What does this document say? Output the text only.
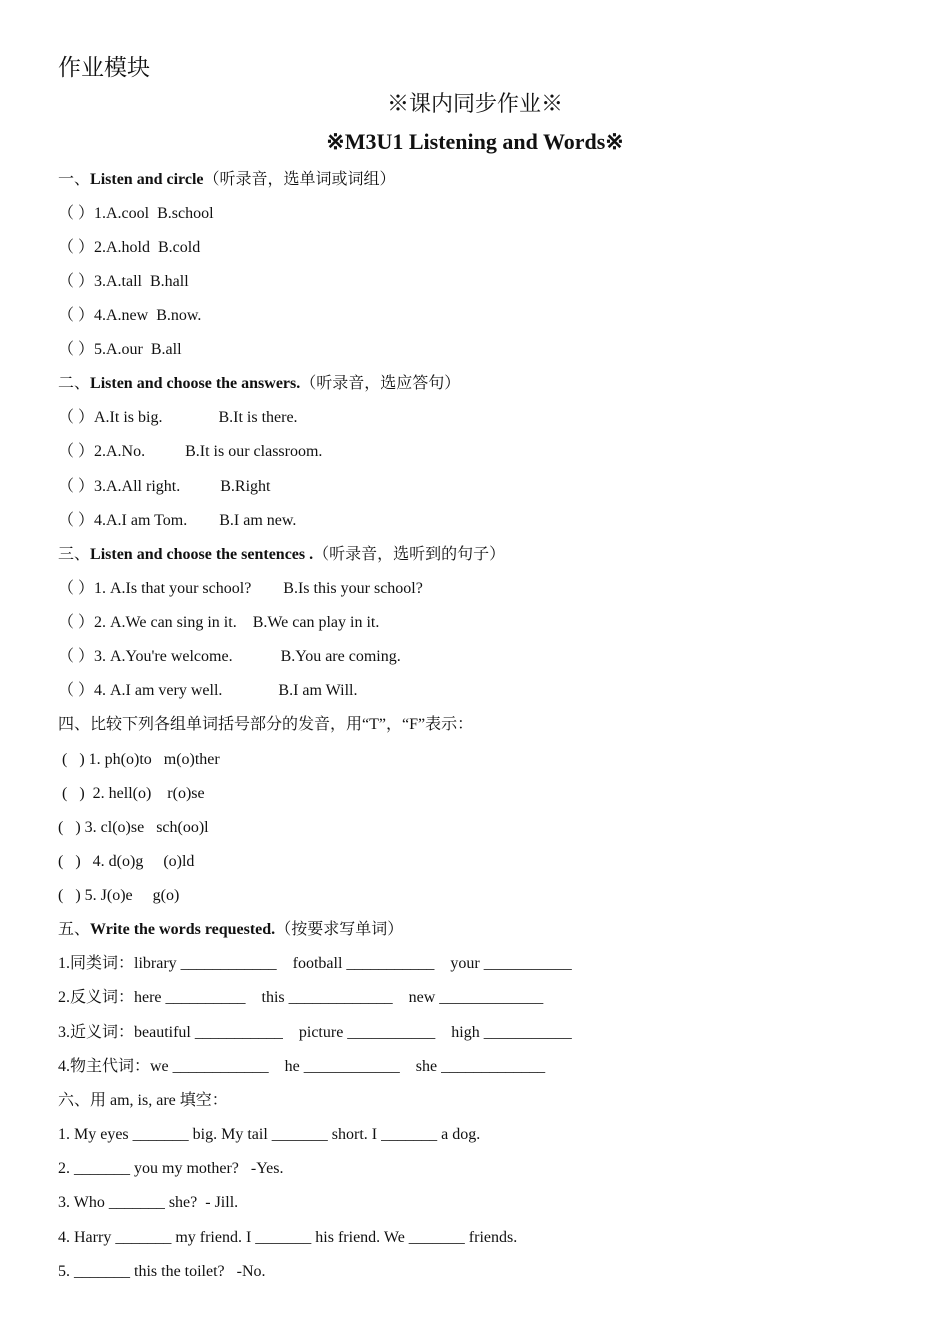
作业模块
※课内同步作业※
※M3U1 Listening and Words※
一、Listen and circle（听录音，选单词或词组）
（ ）1.A.cool  B.school
（ ）2.A.hold  B.cold
（ ）3.A.tall  B.hall
（ ）4.A.new  B.now.
（ ）5.A.our  B.all
二、Listen and choose the answers.（听录音，选应答句）
（ ）A.It is big.              B.It is there.
（ ）2.A.No.          B.It is our classroom.
（ ）3.A.All right.          B.Right
（ ）4.A.I am Tom.        B.I am new.
三、Listen and choose the sentences .（听录音，选听到的句子）
（ ）1. A.Is that your school?        B.Is this your school?
（ ）2. A.We can sing in it.    B.We can play in it.
（ ）3. A.You're welcome.            B.You are coming.
（ ）4. A.I am very well.              B.I am Will.
四、比较下列各组单词括号部分的发音，用“T”，“F”表示：
(   ) 1. ph(o)to   m(o)ther
(   )  2. hell(o)    r(o)se
(   ) 3. cl(o)se   sch(oo)l
(   )   4. d(o)g     (o)ld
(   ) 5. J(o)e     g(o)
五、Write the words requested.（按要求写单词）
1.同类词：library ____________    football ___________    your ___________
2.反义词：here __________    this _____________    new _____________
3.近义词：beautiful ___________    picture ___________    high ___________
4.物主代词：we ____________    he ____________    she _____________
六、用 am, is, are 填空：
1. My eyes _______ big. My tail _______ short. I _______ a dog.
2. _______ you my mother?   -Yes.
3. Who _______ she?  - Jill.
4. Harry _______ my friend. I _______ his friend. We _______ friends.
5. _______ this the toilet?   -No.
